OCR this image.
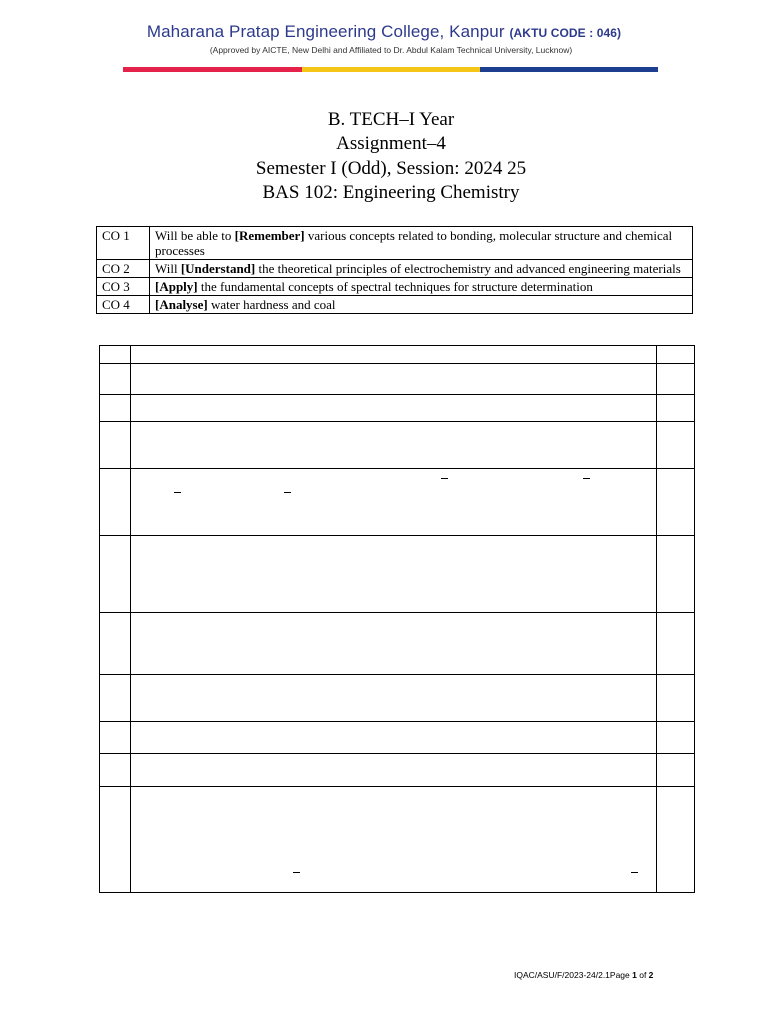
Maharana Pratap Engineering College, Kanpur (AKTU CODE : 046)
(Approved by AICTE, New Delhi and Affiliated to Dr. Abdul Kalam Technical University, Lucknow)
B. TECH–I Year
Assignment–4
Semester I (Odd), Session: 2024 25
BAS 102: Engineering Chemistry
CO 1	Will be able to [Remember] various concepts related to bonding, molecular structure and chemical processes
CO 2	Will [Understand] the theoretical principles of electrochemistry and advanced engineering materials
CO 3	[Apply] the fundamental concepts of spectral techniques for structure determination
CO 4	[Analyse] water hardness and coal
IQAC/ASU/F/2023-24/2.1Page 1 of 2
